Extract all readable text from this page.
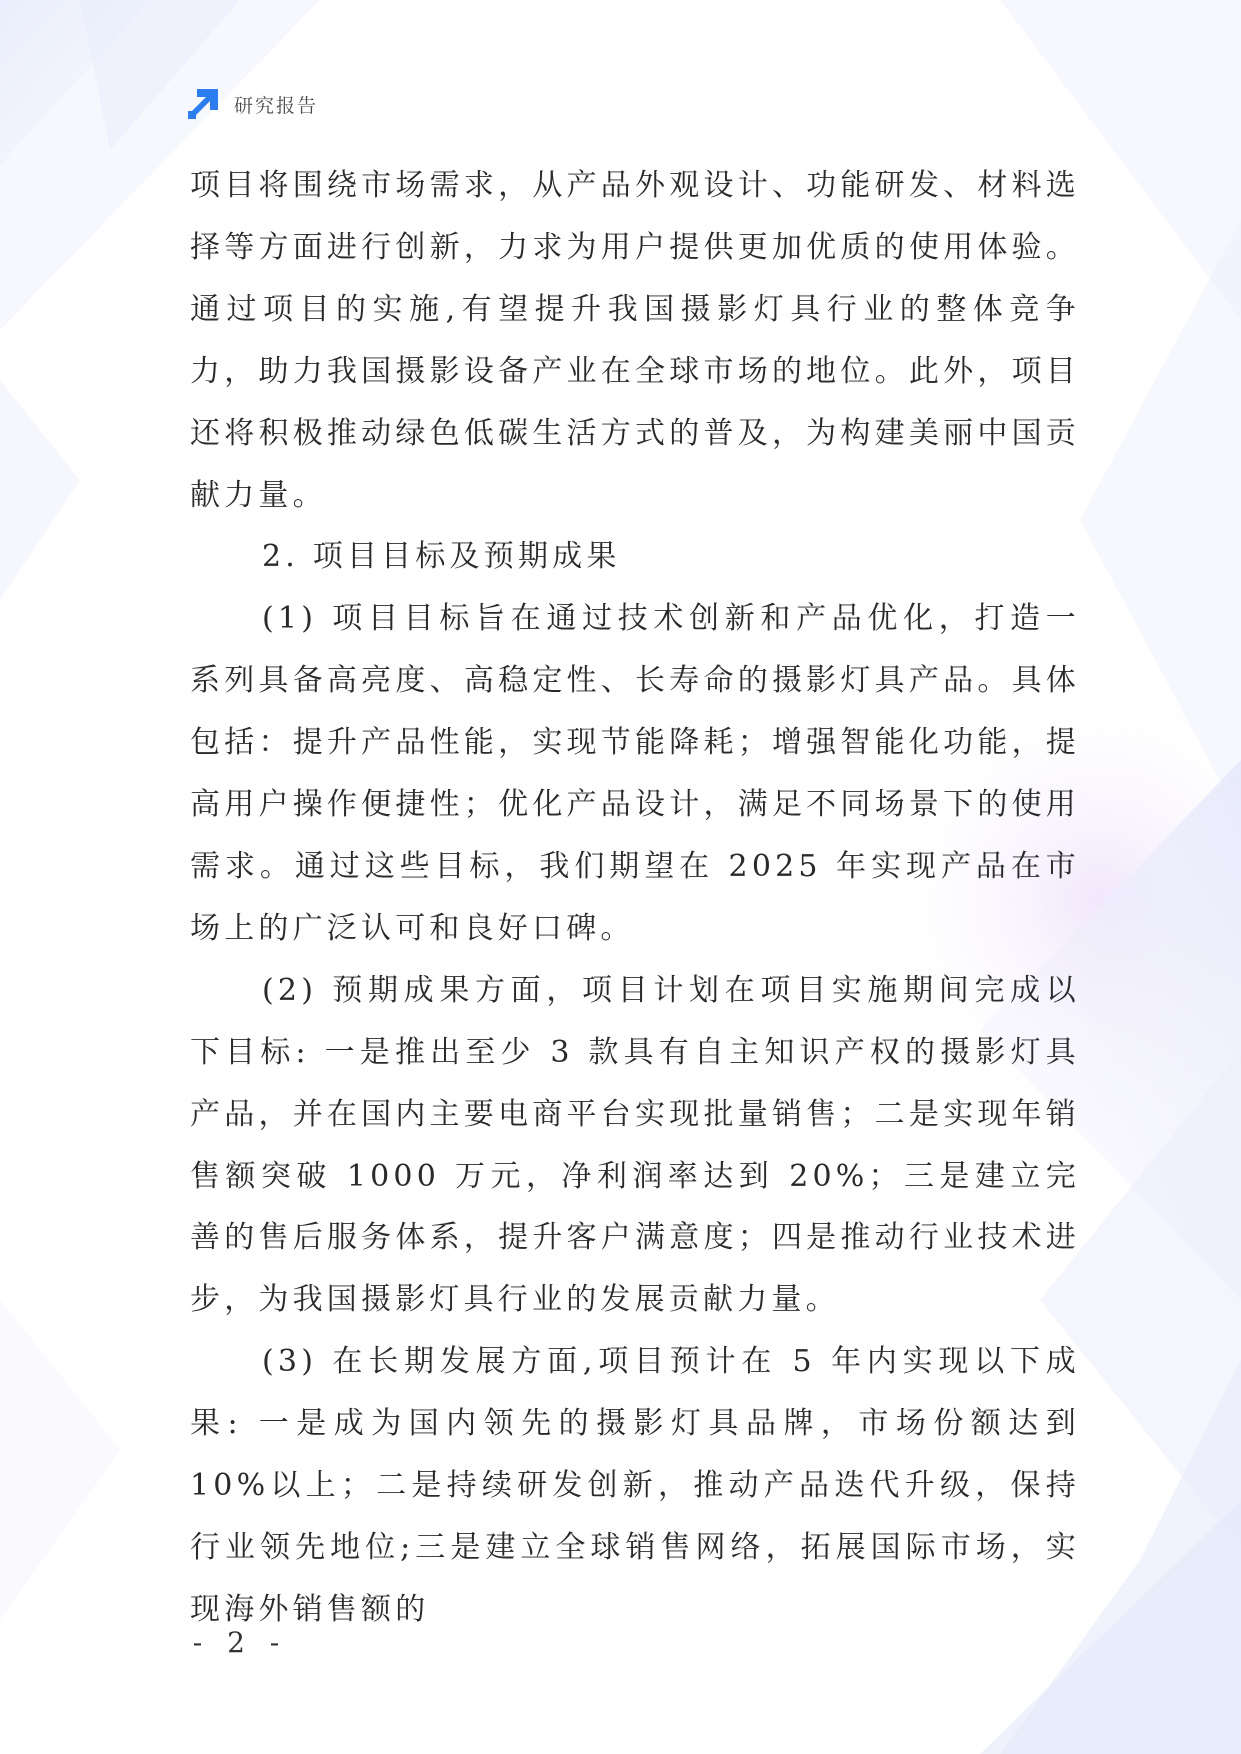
研究报告

项目将围绕市场需求，从产品外观设计、功能研发、材料选择等方面进行创新，力求为用户提供更加优质的使用体验。通过项目的实施,有望提升我国摄影灯具行业的整体竞争力，助力我国摄影设备产业在全球市场的地位。此外，项目还将积极推动绿色低碳生活方式的普及，为构建美丽中国贡献力量。

2. 项目目标及预期成果

(1) 项目目标旨在通过技术创新和产品优化，打造一系列具备高亮度、高稳定性、长寿命的摄影灯具产品。具体包括：提升产品性能，实现节能降耗；增强智能化功能，提高用户操作便捷性；优化产品设计，满足不同场景下的使用需求。通过这些目标，我们期望在 2025 年实现产品在市场上的广泛认可和良好口碑。

(2) 预期成果方面，项目计划在项目实施期间完成以下目标: 一是推出至少 3 款具有自主知识产权的摄影灯具产品，并在国内主要电商平台实现批量销售；二是实现年销售额突破 1000 万元，净利润率达到 20%；三是建立完善的售后服务体系，提升客户满意度；四是推动行业技术进步，为我国摄影灯具行业的发展贡献力量。

(3) 在长期发展方面,项目预计在 5 年内实现以下成果: 一是成为国内领先的摄影灯具品牌，市场份额达到 10%以上；二是持续研发创新，推动产品迭代升级，保持行业领先地位;三是建立全球销售网络，拓展国际市场，实现海外销售额的

- 2 -
